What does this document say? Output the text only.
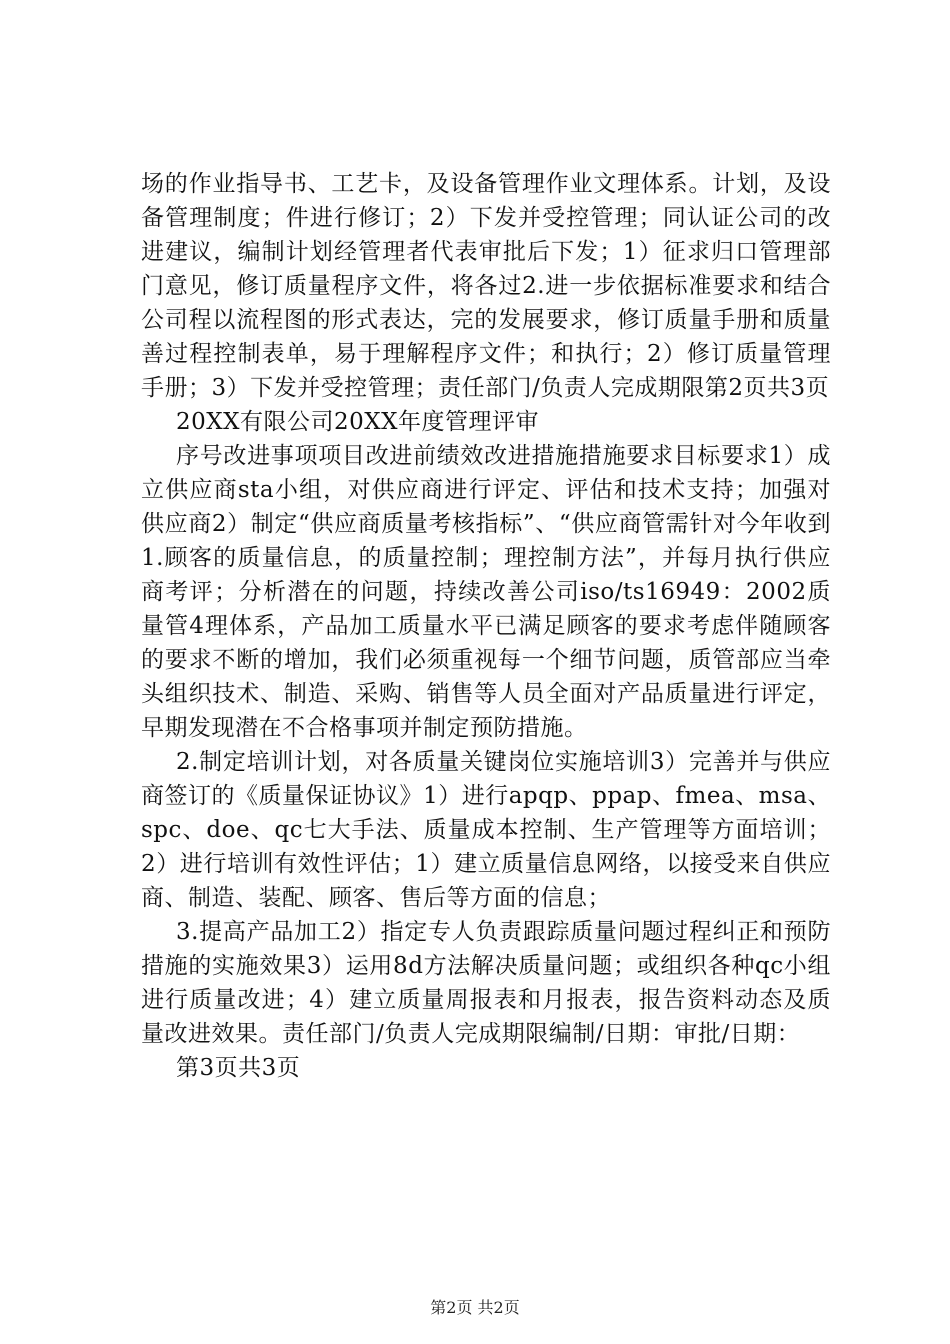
场的作业指导书、工艺卡，及设备管理作业文理体系。计划，及设备管理制度；件进行修订；2）下发并受控管理；同认证公司的改进建议，编制计划经管理者代表审批后下发；1）征求归口管理部门意见，修订质量程序文件，将各过2.进一步依据标准要求和结合公司程以流程图的形式表达，完的发展要求，修订质量手册和质量善过程控制表单，易于理解程序文件；和执行；2）修订质量管理手册；3）下发并受控管理；责任部门/负责人完成期限第2页共3页

20XX有限公司20XX年度管理评审

序号改进事项项目改进前绩效改进措施措施要求目标要求1）成立供应商sta小组，对供应商进行评定、评估和技术支持；加强对供应商2）制定“供应商质量考核指标”、“供应商管需针对今年收到1.顾客的质量信息，的质量控制；理控制方法”，并每月执行供应商考评；分析潜在的问题，持续改善公司iso/ts16949：2002质量管4理体系，产品加工质量水平已满足顾客的要求考虑伴随顾客的要求不断的增加，我们必须重视每一个细节问题，质管部应当牵头组织技术、制造、采购、销售等人员全面对产品质量进行评定，早期发现潜在不合格事项并制定预防措施。

2.制定培训计划，对各质量关键岗位实施培训3）完善并与供应商签订的《质量保证协议》1）进行apqp、ppap、fmea、msa、spc、doe、qc七大手法、质量成本控制、生产管理等方面培训；2）进行培训有效性评估；1）建立质量信息网络，以接受来自供应商、制造、装配、顾客、售后等方面的信息；

3.提高产品加工2）指定专人负责跟踪质量问题过程纠正和预防措施的实施效果3）运用8d方法解决质量问题；或组织各种qc小组进行质量改进；4）建立质量周报表和月报表，报告资料动态及质量改进效果。责任部门/负责人完成期限编制/日期：审批/日期：

第3页共3页

第2页 共2页
